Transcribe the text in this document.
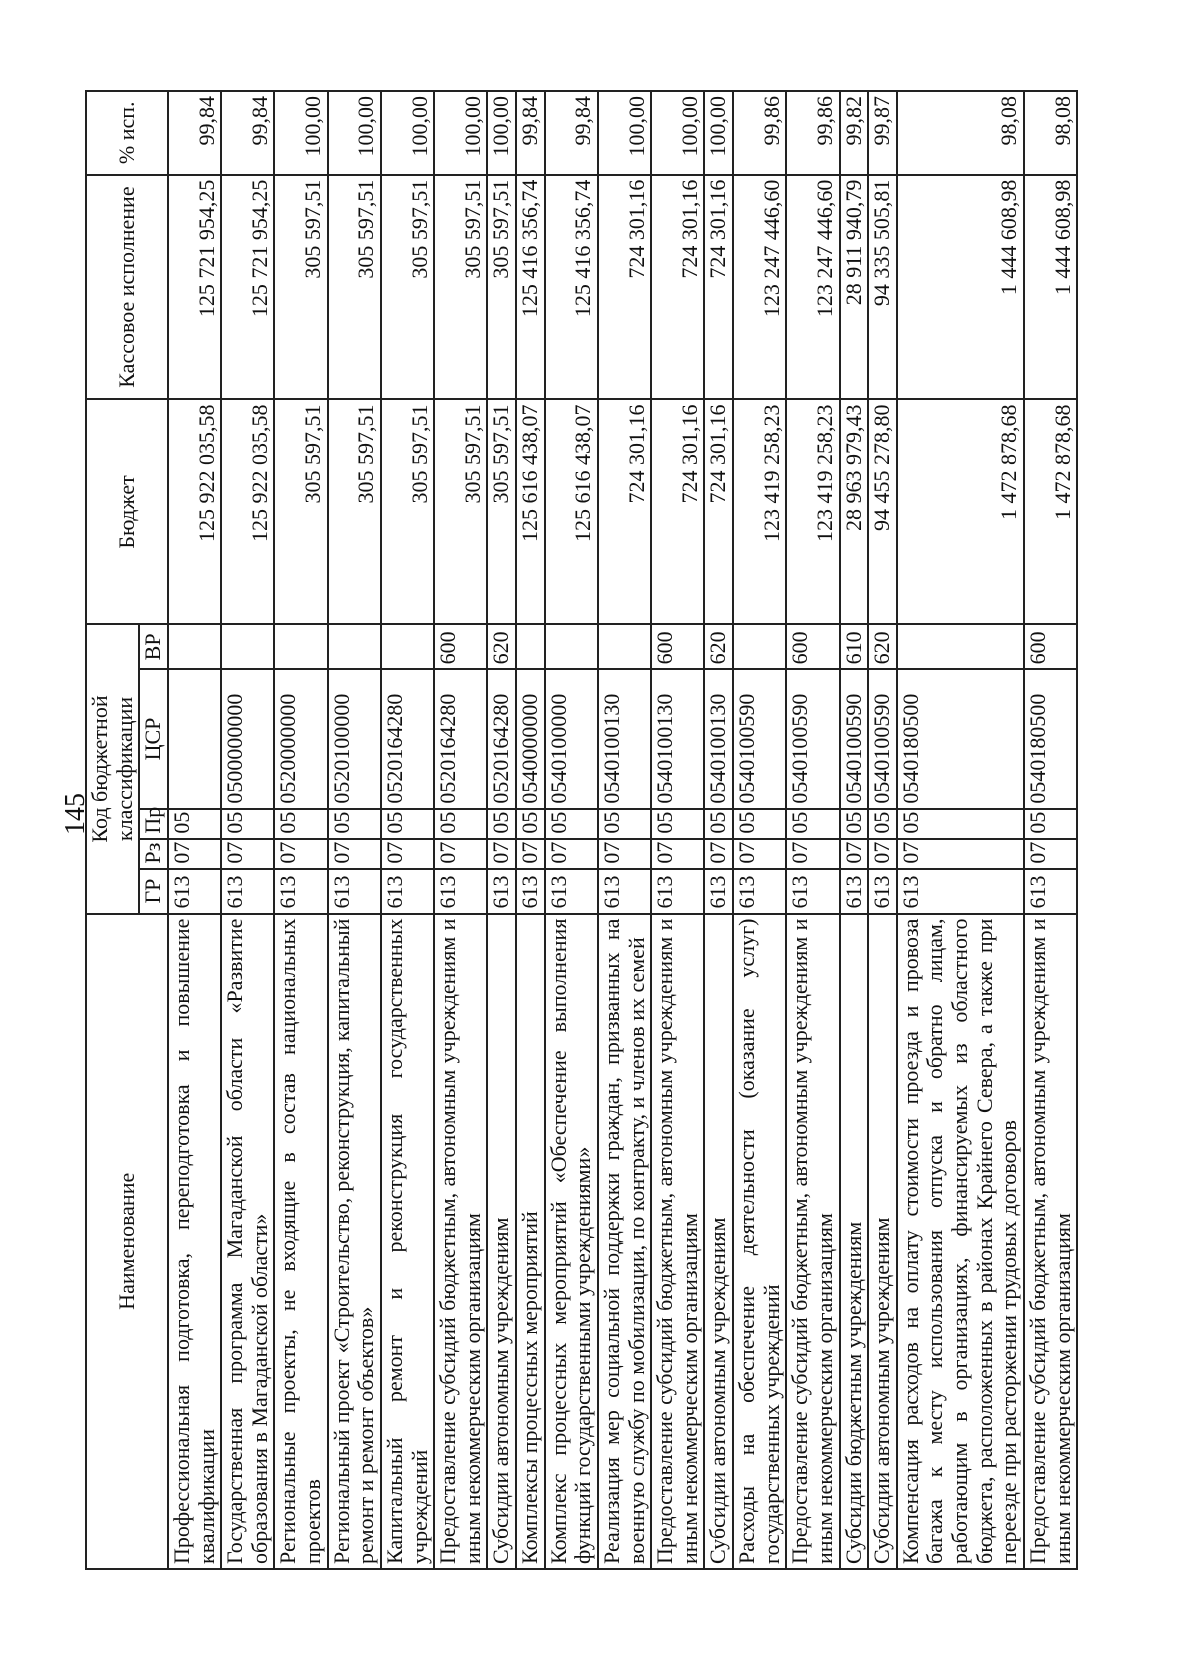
145
Наименование	Код бюджетной классификации					Бюджет	Кассовое исполнение	% исп.
	ГР	Рз	Пр	ЦСР	ВР			
Профессиональная подготовка, переподготовка и повышение квалификации	613	07	05			125 922 035,58	125 721 954,25	99,84
Государственная программа Магаданской области «Развитие образования в Магаданской области»	613	07	05	0500000000		125 922 035,58	125 721 954,25	99,84
Региональные проекты, не входящие в состав национальных проектов	613	07	05	0520000000		305 597,51	305 597,51	100,00
Региональный проект «Строительство, реконструкция, капитальный ремонт и ремонт объектов»	613	07	05	0520100000		305 597,51	305 597,51	100,00
Капитальный ремонт и реконструкция государственных учреждений	613	07	05	0520164280		305 597,51	305 597,51	100,00
Предоставление субсидий бюджетным, автономным учреждениям и иным некоммерческим организациям	613	07	05	0520164280	600	305 597,51	305 597,51	100,00
Субсидии автономным учреждениям	613	07	05	0520164280	620	305 597,51	305 597,51	100,00
Комплексы процессных мероприятий	613	07	05	0540000000		125 616 438,07	125 416 356,74	99,84
Комплекс процессных мероприятий «Обеспечение выполнения функций государственными учреждениями»	613	07	05	0540100000		125 616 438,07	125 416 356,74	99,84
Реализация мер социальной поддержки граждан, призванных на военную службу по мобилизации, по контракту, и членов их семей	613	07	05	0540100130		724 301,16	724 301,16	100,00
Предоставление субсидий бюджетным, автономным учреждениям и иным некоммерческим организациям	613	07	05	0540100130	600	724 301,16	724 301,16	100,00
Субсидии автономным учреждениям	613	07	05	0540100130	620	724 301,16	724 301,16	100,00
Расходы на обеспечение деятельности (оказание услуг) государственных учреждений	613	07	05	0540100590		123 419 258,23	123 247 446,60	99,86
Предоставление субсидий бюджетным, автономным учреждениям и иным некоммерческим организациям	613	07	05	0540100590	600	123 419 258,23	123 247 446,60	99,86
Субсидии бюджетным учреждениям	613	07	05	0540100590	610	28 963 979,43	28 911 940,79	99,82
Субсидии автономным учреждениям	613	07	05	0540100590	620	94 455 278,80	94 335 505,81	99,87
Компенсация расходов на оплату стоимости проезда и провоза багажа к месту использования отпуска и обратно лицам, работающим в организациях, финансируемых из областного бюджета, расположенных в районах Крайнего Севера, а также при переезде при расторжении трудовых договоров	613	07	05	0540180500		1 472 878,68	1 444 608,98	98,08
Предоставление субсидий бюджетным, автономным учреждениям и иным некоммерческим организациям	613	07	05	0540180500	600	1 472 878,68	1 444 608,98	98,08
